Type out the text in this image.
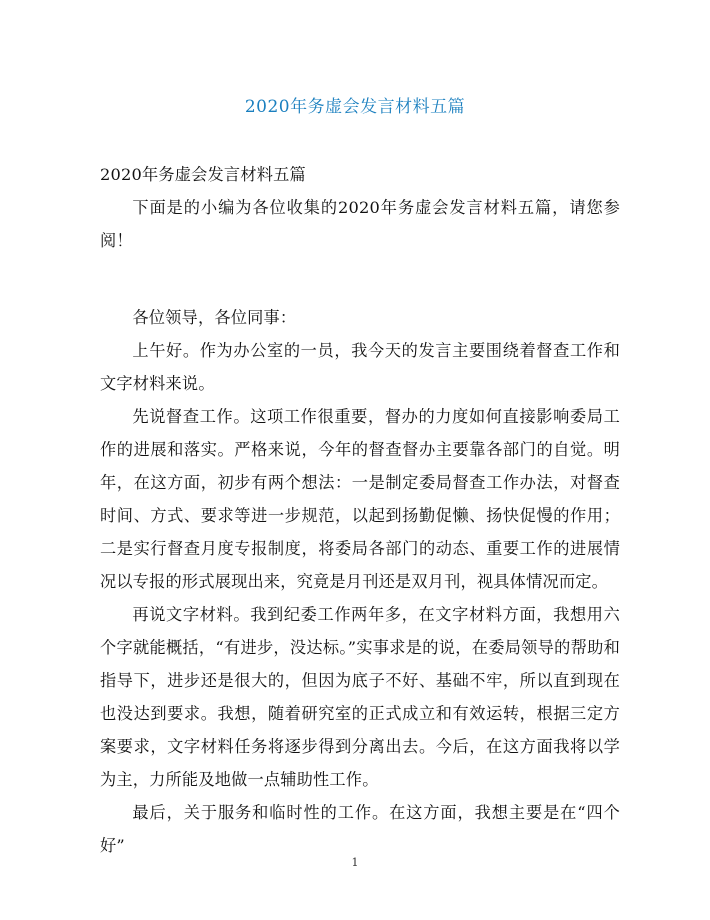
2020年务虚会发言材料五篇

2020年务虚会发言材料五篇

下面是的小编为各位收集的2020年务虚会发言材料五篇，请您参阅！

各位领导，各位同事：

上午好。作为办公室的一员，我今天的发言主要围绕着督查工作和文字材料来说。

先说督查工作。这项工作很重要，督办的力度如何直接影响委局工作的进展和落实。严格来说，今年的督查督办主要靠各部门的自觉。明年，在这方面，初步有两个想法：一是制定委局督查工作办法，对督查时间、方式、要求等进一步规范，以起到扬勤促懒、扬快促慢的作用；二是实行督查月度专报制度，将委局各部门的动态、重要工作的进展情况以专报的形式展现出来，究竟是月刊还是双月刊，视具体情况而定。

再说文字材料。我到纪委工作两年多，在文字材料方面，我想用六个字就能概括，“有进步，没达标。”实事求是的说，在委局领导的帮助和指导下，进步还是很大的，但因为底子不好、基础不牢，所以直到现在也没达到要求。我想，随着研究室的正式成立和有效运转，根据三定方案要求，文字材料任务将逐步得到分离出去。今后，在这方面我将以学为主，力所能及地做一点辅助性工作。

最后，关于服务和临时性的工作。在这方面，我想主要是在“四个好”

1
